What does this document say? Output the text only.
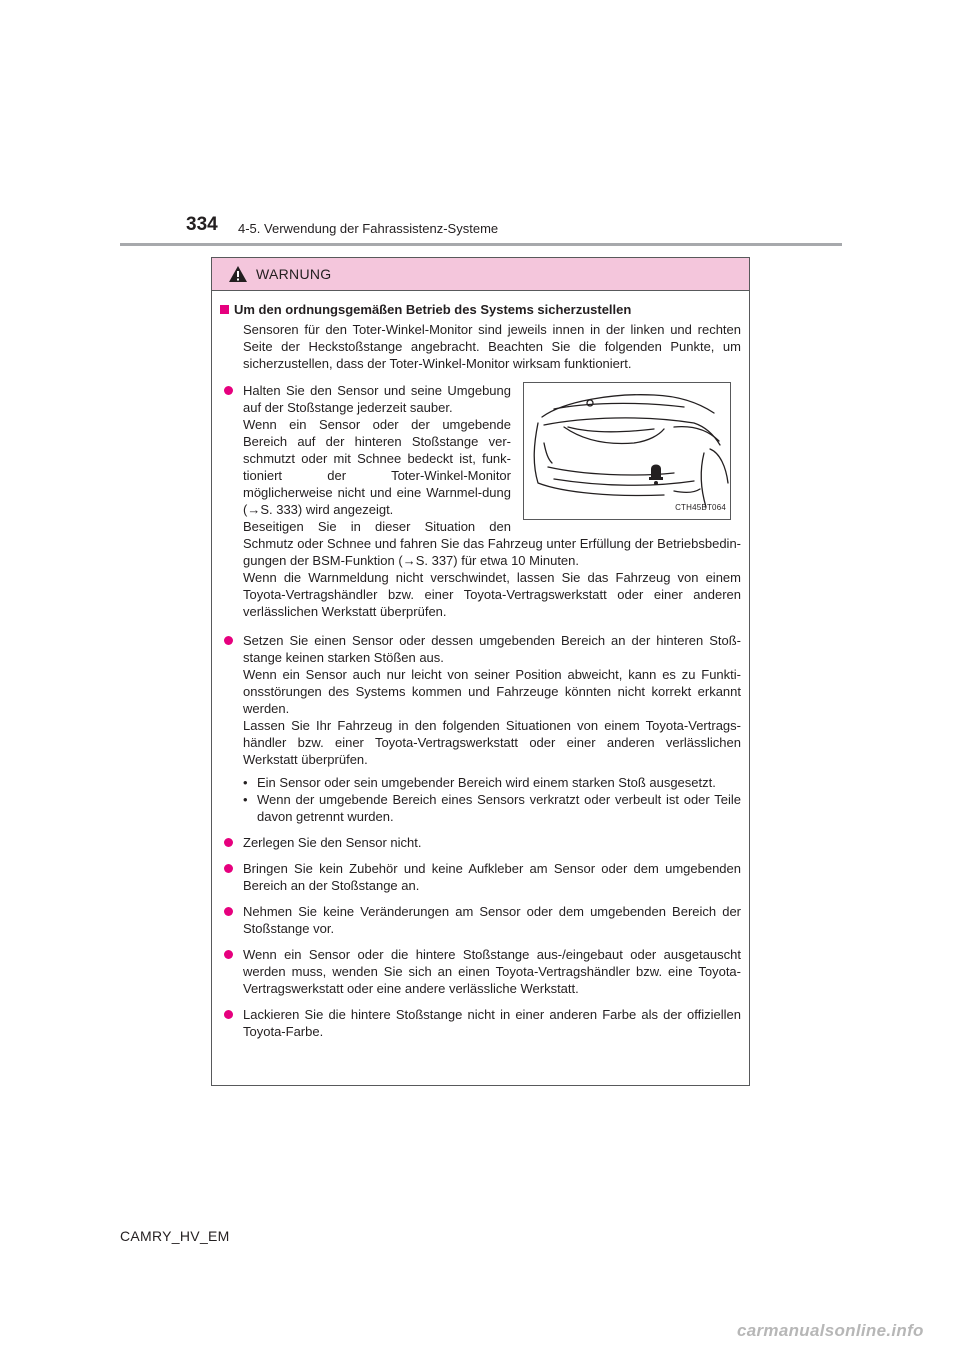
334 4-5. Verwendung der Fahrassistenz-Systeme
WARNUNG
Um den ordnungsgemäßen Betrieb des Systems sicherzustellen
Sensoren für den Toter-Winkel-Monitor sind jeweils innen in der linken und rechten Seite der Heckstoßstange angebracht. Beachten Sie die folgenden Punkte, um sicherzustellen, dass der Toter-Winkel-Monitor wirksam funktioniert.
CTH45BT064
Halten Sie den Sensor und seine Umgebung auf der Stoßstange jederzeit sauber.
Wenn ein Sensor oder der umgebende Bereich auf der hinteren Stoßstange ver-schmutzt oder mit Schnee bedeckt ist, funk-tioniert der Toter-Winkel-Monitor möglicherweise nicht und eine Warnmel-dung (→S. 333) wird angezeigt.
Beseitigen Sie in dieser Situation den Schmutz oder Schnee und fahren Sie das Fahrzeug unter Erfüllung der Betriebsbedin-gungen der BSM-Funktion (→S. 337) für etwa 10 Minuten.
Wenn die Warnmeldung nicht verschwindet, lassen Sie das Fahrzeug von einem Toyota-Vertragshändler bzw. einer Toyota-Vertragswerkstatt oder einer anderen verlässlichen Werkstatt überprüfen.
Setzen Sie einen Sensor oder dessen umgebenden Bereich an der hinteren Stoß-stange keinen starken Stößen aus.
Wenn ein Sensor auch nur leicht von seiner Position abweicht, kann es zu Funkti-onsstörungen des Systems kommen und Fahrzeuge könnten nicht korrekt erkannt werden.
Lassen Sie Ihr Fahrzeug in den folgenden Situationen von einem Toyota-Vertrags-händler bzw. einer Toyota-Vertragswerkstatt oder einer anderen verlässlichen Werkstatt überprüfen.
• Ein Sensor oder sein umgebender Bereich wird einem starken Stoß ausgesetzt.
• Wenn der umgebende Bereich eines Sensors verkratzt oder verbeult ist oder Teile davon getrennt wurden.
Zerlegen Sie den Sensor nicht.
Bringen Sie kein Zubehör und keine Aufkleber am Sensor oder dem umgebenden Bereich an der Stoßstange an.
Nehmen Sie keine Veränderungen am Sensor oder dem umgebenden Bereich der Stoßstange vor.
Wenn ein Sensor oder die hintere Stoßstange aus-/eingebaut oder ausgetauscht werden muss, wenden Sie sich an einen Toyota-Vertragshändler bzw. eine Toyota-Vertragswerkstatt oder eine andere verlässliche Werkstatt.
Lackieren Sie die hintere Stoßstange nicht in einer anderen Farbe als der offiziellen Toyota-Farbe.
CAMRY_HV_EM
carmanualsonline.info
